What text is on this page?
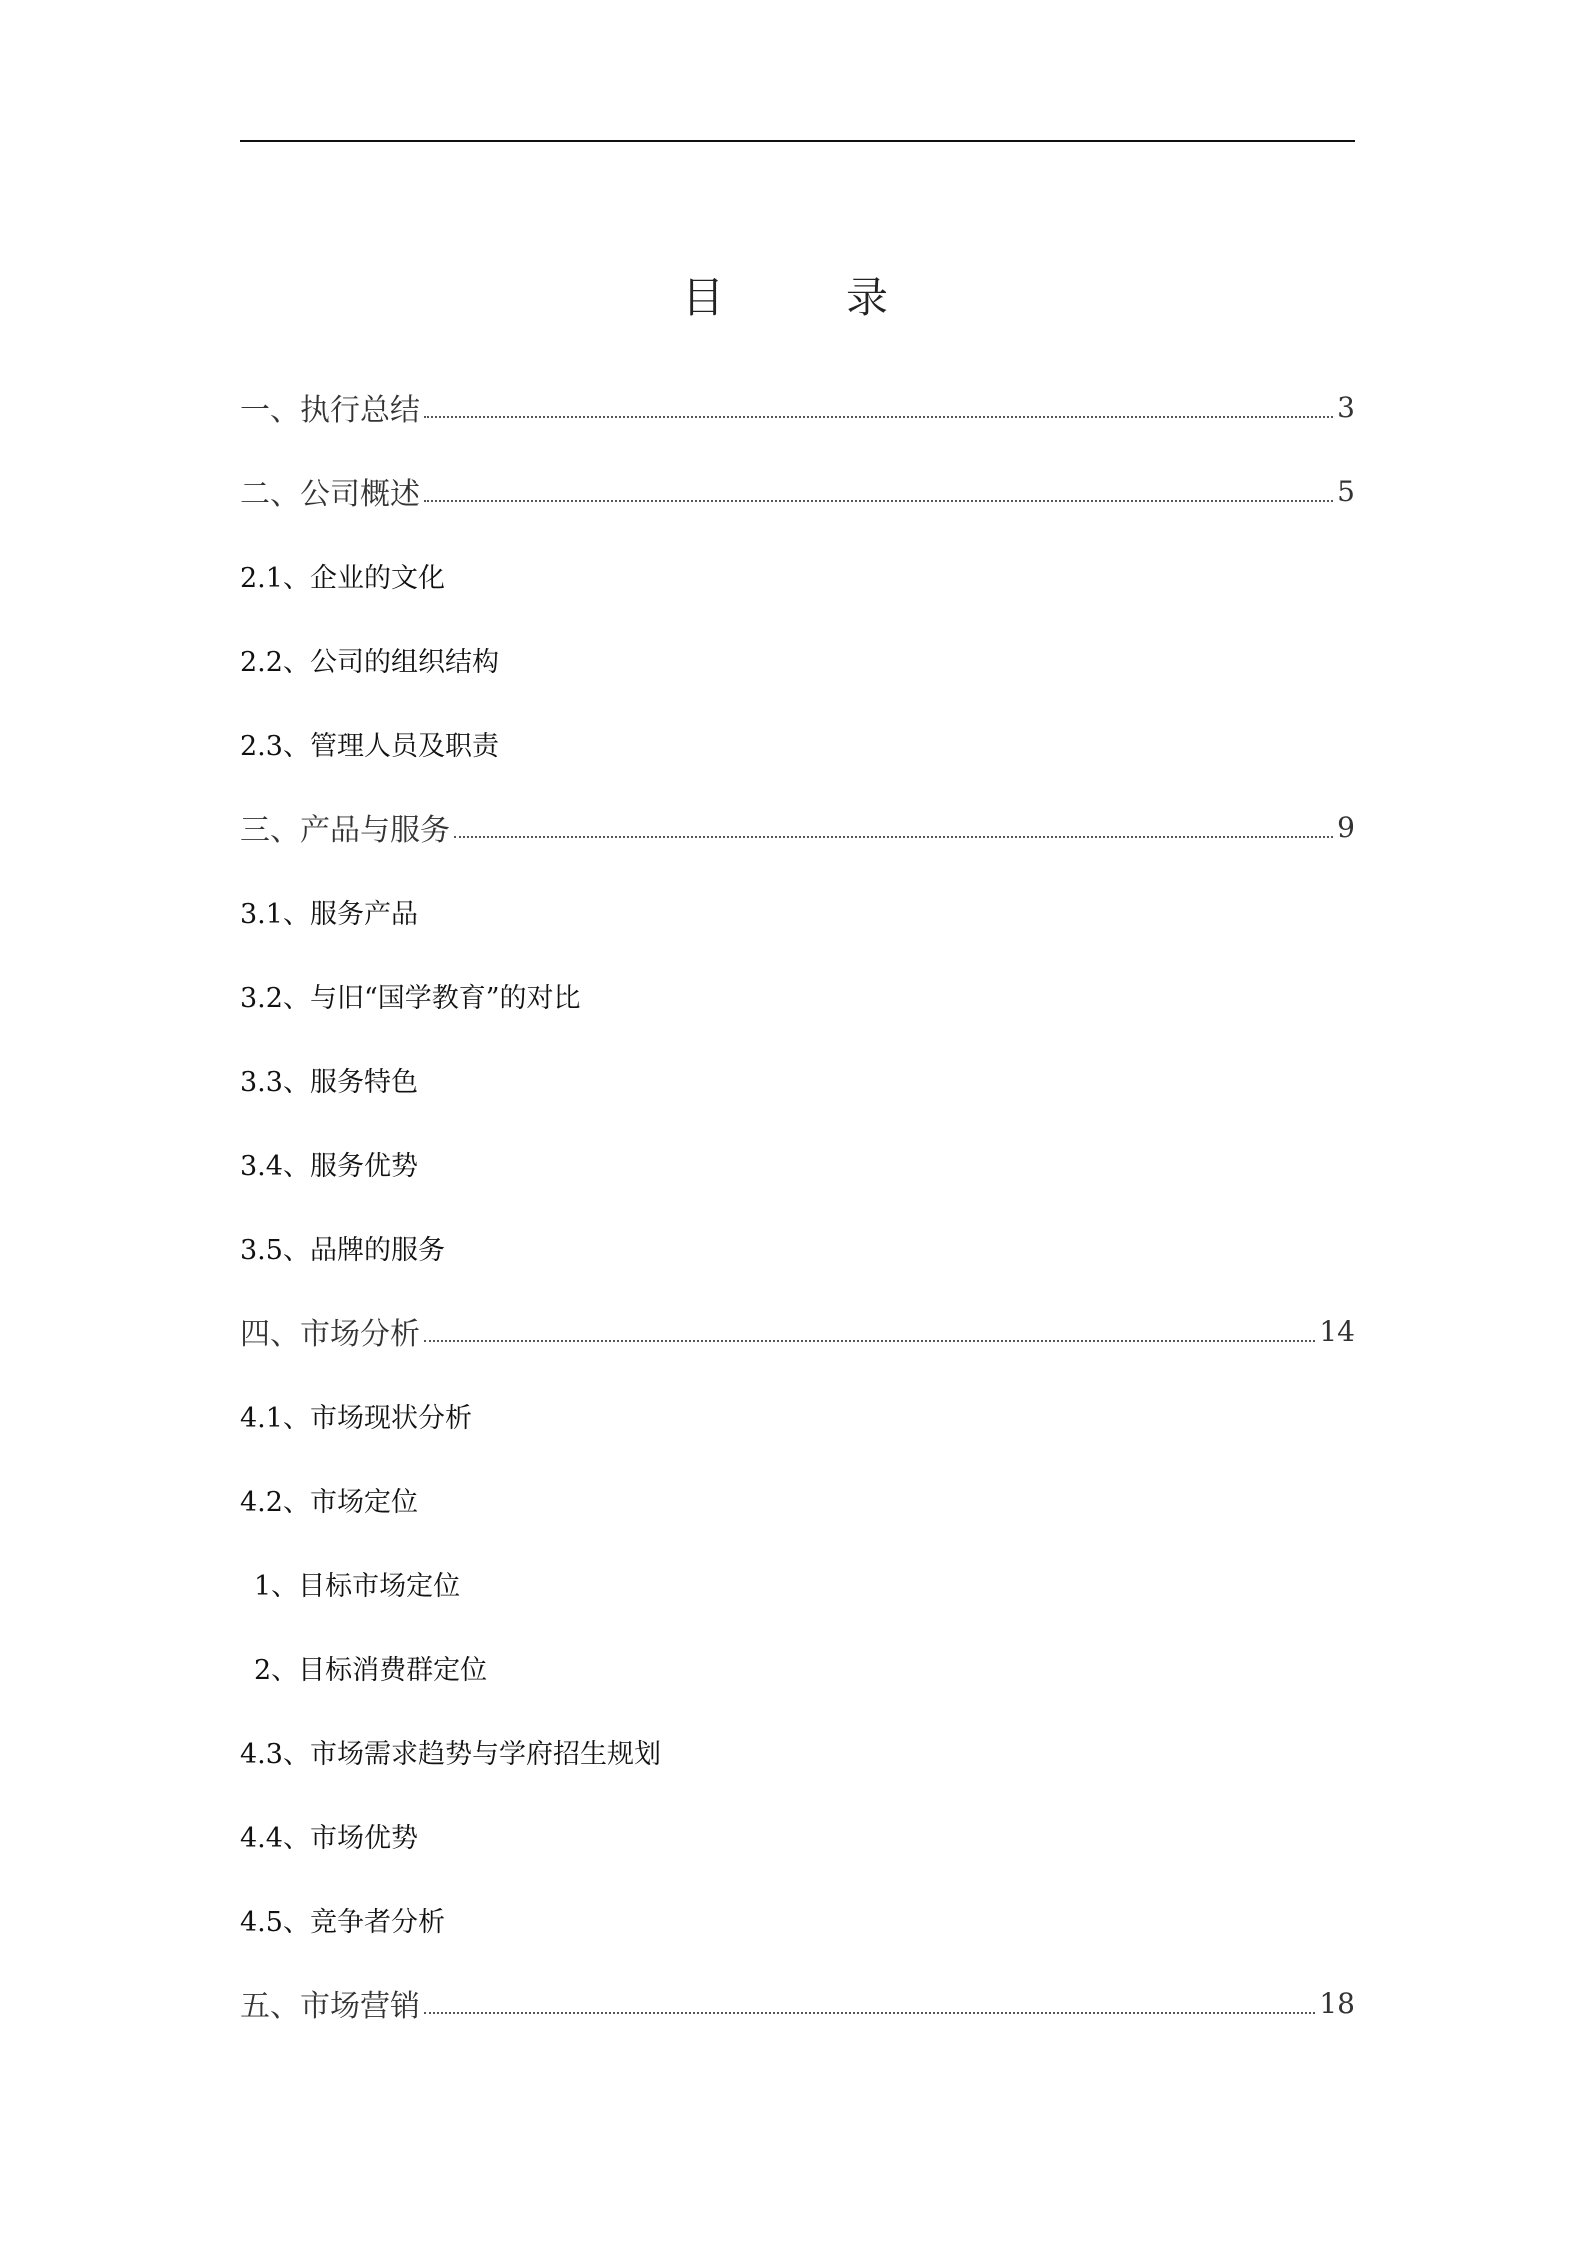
目　录
一、执行总结	3
二、公司概述	5
2.1、企业的文化
2.2、公司的组织结构
2.3、管理人员及职责
三、产品与服务	9
3.1、服务产品
3.2、与旧“国学教育”的对比
3.3、服务特色
3.4、服务优势
3.5、品牌的服务
四、市场分析	14
4.1、市场现状分析
4.2、市场定位
1、目标市场定位
2、目标消费群定位
4.3、市场需求趋势与学府招生规划
4.4、市场优势
4.5、竞争者分析
五、市场营销	18
